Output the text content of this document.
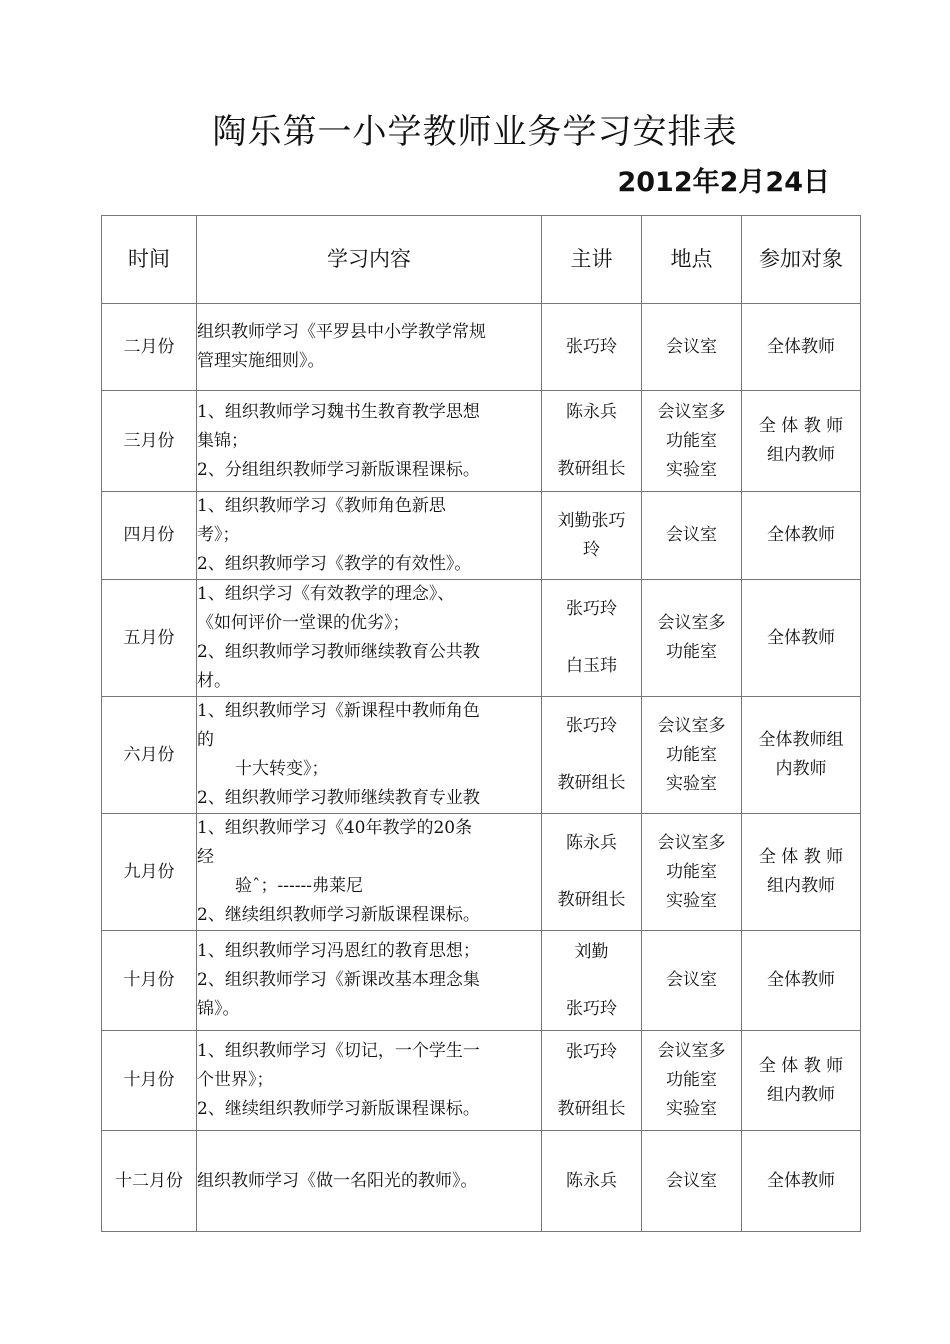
陶乐第一小学教师业务学习安排表
2012年2月24日
时间	学习内容	主讲	地点	参加对象
二月份	组织教师学习《平罗县中小学教学常规
管理实施细则》。	张巧玲	会议室	全体教师

三月份	1、组织教师学习魏书生教育教学思想
集锦；
2、分组组织教师学习新版课程课标。	陈永兵
教研组长	会议室多
功能室
实验室	全 体 教 师
组内教师

四月份	1、组织教师学习《教师角色新思
考》；
2、组织教师学习《教学的有效性》。	刘勤张巧
玲	会议室	全体教师

五月份	1、组织学习《有效教学的理念》、
《如何评价一堂课的优劣》；
2、组织教师学习教师继续教育公共教
材。	张巧玲
白玉玮	会议室多
功能室	全体教师

六月份	1、组织教师学习《新课程中教师角色
的
十大转变》；
2、组织教师学习教师继续教育专业教	张巧玲
教研组长	会议室多
功能室
实验室	全体教师组
内教师

九月份	1、组织教师学习《40年教学的20条
经
验ˆ；------弗莱尼
2、继续组织教师学习新版课程课标。	陈永兵
教研组长	会议室多
功能室
实验室	全 体 教 师
组内教师

十月份	1、组织教师学习冯恩红的教育思想；
2、组织教师学习《新课改基本理念集
锦》。	刘勤
张巧玲	会议室	全体教师

十月份	1、组织教师学习《切记，一个学生一
个世界》；
2、继续组织教师学习新版课程课标。	张巧玲
教研组长	会议室多
功能室
实验室	全 体 教 师
组内教师

十二月份	组织教师学习《做一名阳光的教师》。	陈永兵	会议室	全体教师
